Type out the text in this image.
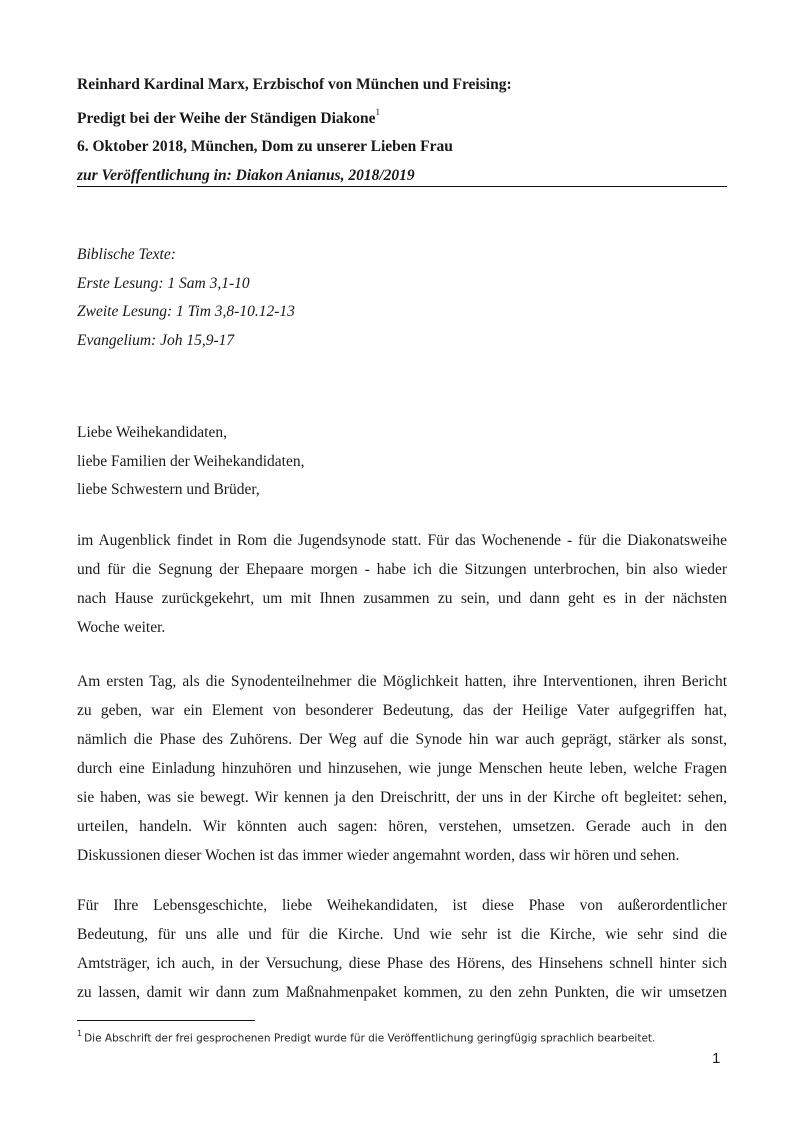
Reinhard Kardinal Marx, Erzbischof von München und Freising:

Predigt bei der Weihe der Ständigen Diakone$^1$

6. Oktober 2018, München, Dom zu unserer Lieben Frau

zur Veröffentlichung in: Diakon Anianus, 2018/2019

Biblische Texte:

Erste Lesung: 1 Sam 3,1-10

Zweite Lesung: 1 Tim 3,8-10.12-13

Evangelium: Joh 15,9-17

Liebe Weihekandidaten,

liebe Familien der Weihekandidaten,

liebe Schwestern und Brüder,

im Augenblick findet in Rom die Jugendsynode statt. Für das Wochenende - für die Diakonatsweihe
und für die Segnung der Ehepaare morgen - habe ich die Sitzungen unterbrochen, bin also wieder
nach Hause zurückgekehrt, um mit Ihnen zusammen zu sein, und dann geht es in der nächsten
Woche weiter.
Am ersten Tag, als die Synodenteilnehmer die Möglichkeit hatten, ihre Interventionen, ihren Bericht
zu geben, war ein Element von besonderer Bedeutung, das der Heilige Vater aufgegriffen hat,
nämlich die Phase des Zuhörens. Der Weg auf die Synode hin war auch geprägt, stärker als sonst,
durch eine Einladung hinzuhören und hinzusehen, wie junge Menschen heute leben, welche Fragen
sie haben, was sie bewegt. Wir kennen ja den Dreischritt, der uns in der Kirche oft begleitet: sehen,
urteilen, handeln. Wir könnten auch sagen: hören, verstehen, umsetzen. Gerade auch in den
Diskussionen dieser Wochen ist das immer wieder angemahnt worden, dass wir hören und sehen.
Für Ihre Lebensgeschichte, liebe Weihekandidaten, ist diese Phase von außerordentlicher
Bedeutung, für uns alle und für die Kirche. Und wie sehr ist die Kirche, wie sehr sind die
Amtsträger, ich auch, in der Versuchung, diese Phase des Hörens, des Hinsehens schnell hinter sich
zu lassen, damit wir dann zum Maßnahmenpaket kommen, zu den zehn Punkten, die wir umsetzen
$^1$ Die Abschrift der frei gesprochenen Predigt wurde für die Veröffentlichung geringfügig sprachlich bearbeitet.
1
